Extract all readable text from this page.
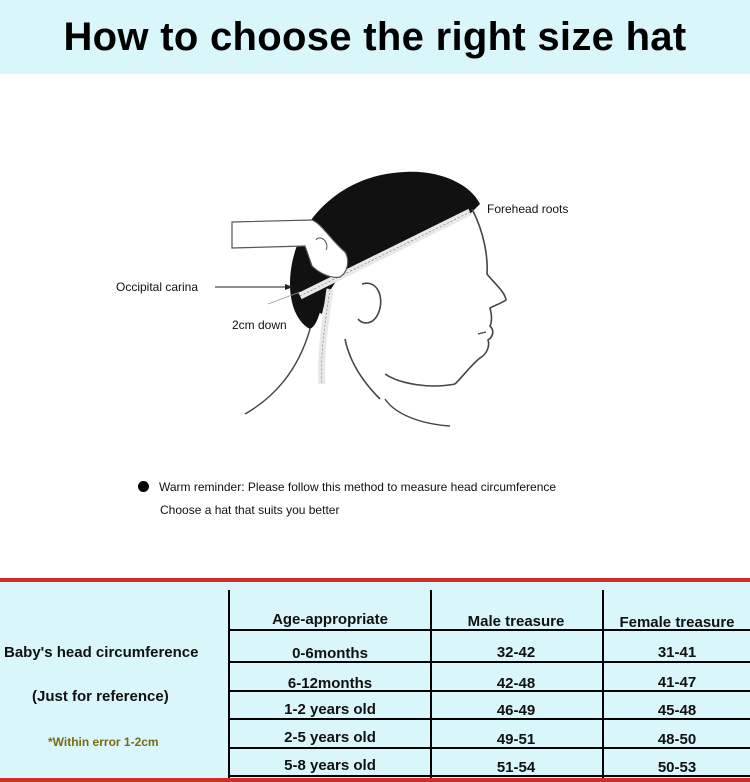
How to choose the right size hat
Forehead roots
Occipital carina
2cm down
Warm reminder: Please follow this method to measure head circumference
Choose a hat that suits you better
Baby's head circumference
(Just for reference)
*Within error 1-2cm
Age-appropriate	Male treasure	Female treasure
0-6months	32-42	31-41
6-12months	42-48	41-47
1-2 years old	46-49	45-48
2-5 years old	49-51	48-50
5-8 years old	51-54	50-53
